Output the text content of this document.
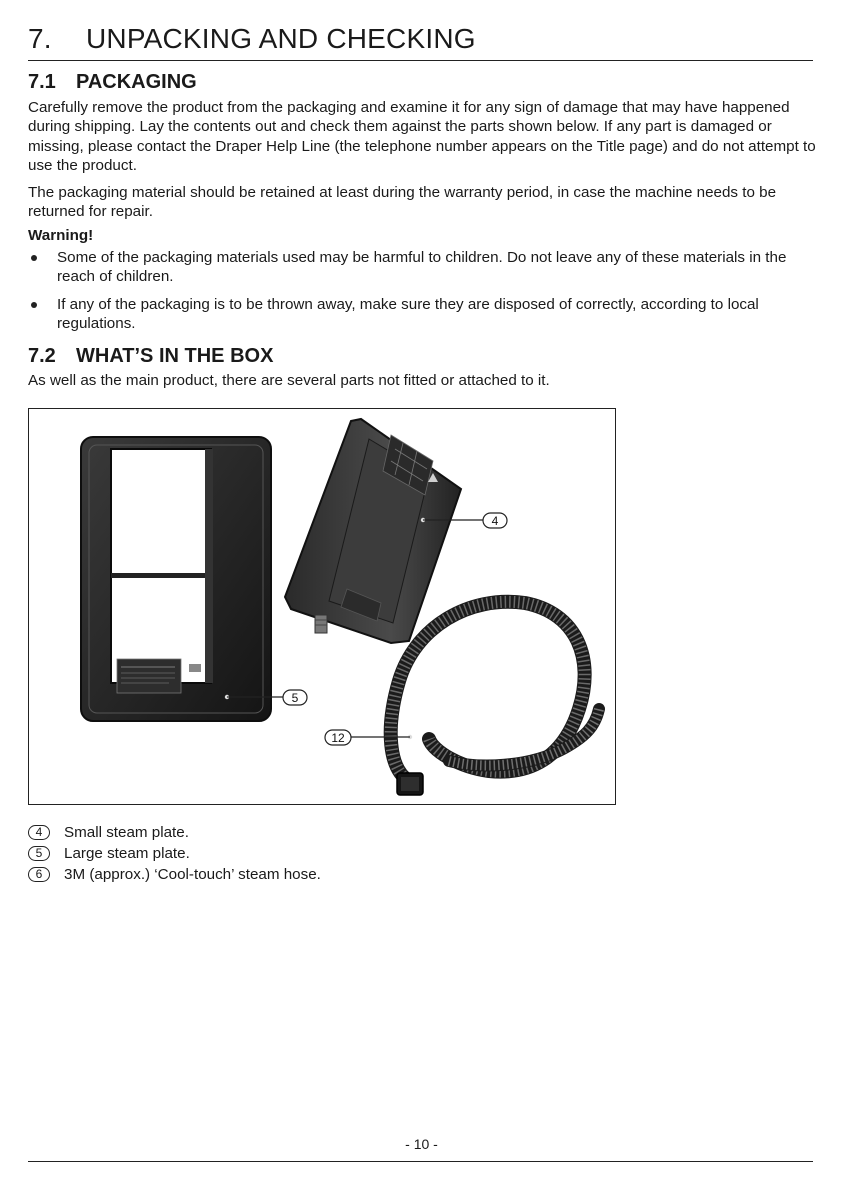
7. UNPACKING AND CHECKING
7.1 PACKAGING

Carefully remove the product from the packaging and examine it for any sign of damage that may have happened during shipping. Lay the contents out and check them against the parts shown below. If any part is damaged or missing, please contact the Draper Help Line (the telephone number appears on the Title page) and do not attempt to use the product.

The packaging material should be retained at least during the warranty period, in case the machine needs to be returned for repair.

Warning!
Some of the packaging materials used may be harmful to children. Do not leave any of these materials in the reach of children.
If any of the packaging is to be thrown away, make sure they are disposed of correctly, according to local regulations.
7.2 WHAT’S IN THE BOX

As well as the main product, there are several parts not fitted or attached to it.

4
5
12
4	Small steam plate.
5	Large steam plate.
6	3M (approx.) ‘Cool-touch’ steam hose.
- 10 -
